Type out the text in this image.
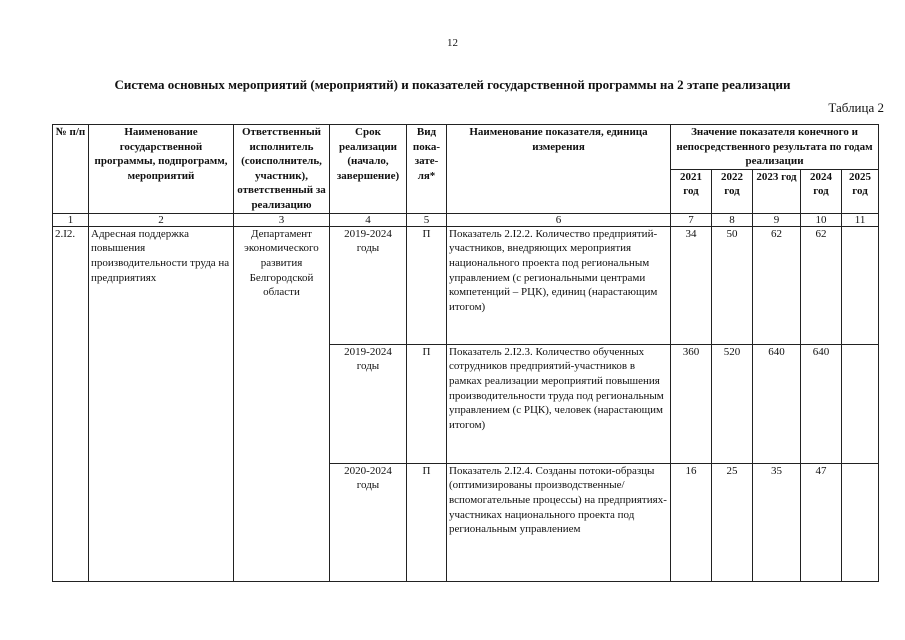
12
Система основных мероприятий (мероприятий) и показателей государственной программы на 2 этапе реализации
Таблица 2
№ п/п	Наименование государственной программы, подпрограмм, мероприятий	Ответственный исполнитель (соисполнитель, участник), ответственный за реализацию	Срок реализации (начало, завершение)	Вид пока-зате-ля*	Наименование показателя, единица измерения	Значение показателя конечного и непосредственного результата по годам реализации				
						2021 год	2022 год	2023 год	2024 год	2025 год
1	2	3	4	5	6	7	8	9	10	11
2.I2.	Адресная поддержка повышения производительности труда на предприятиях	Департамент экономического развития Белгородской области	2019-2024 годы	П	Показатель 2.I2.2. Количество предприятий-участников, внедряющих мероприятия национального проекта под региональным управлением (с региональными центрами компетенций – РЦК), единиц (нарастающим итогом)	34	50	62	62	
			2019-2024 годы	П	Показатель 2.I2.3. Количество обученных сотрудников предприятий-участников в рамках реализации мероприятий повышения производительности труда под региональным управлением (с РЦК), человек (нарастающим итогом)	360	520	640	640	
			2020-2024 годы	П	Показатель 2.I2.4. Созданы потоки-образцы (оптимизированы производственные/ вспомогательные процессы) на предприятиях-участниках национального проекта под региональным управлением	16	25	35	47	
